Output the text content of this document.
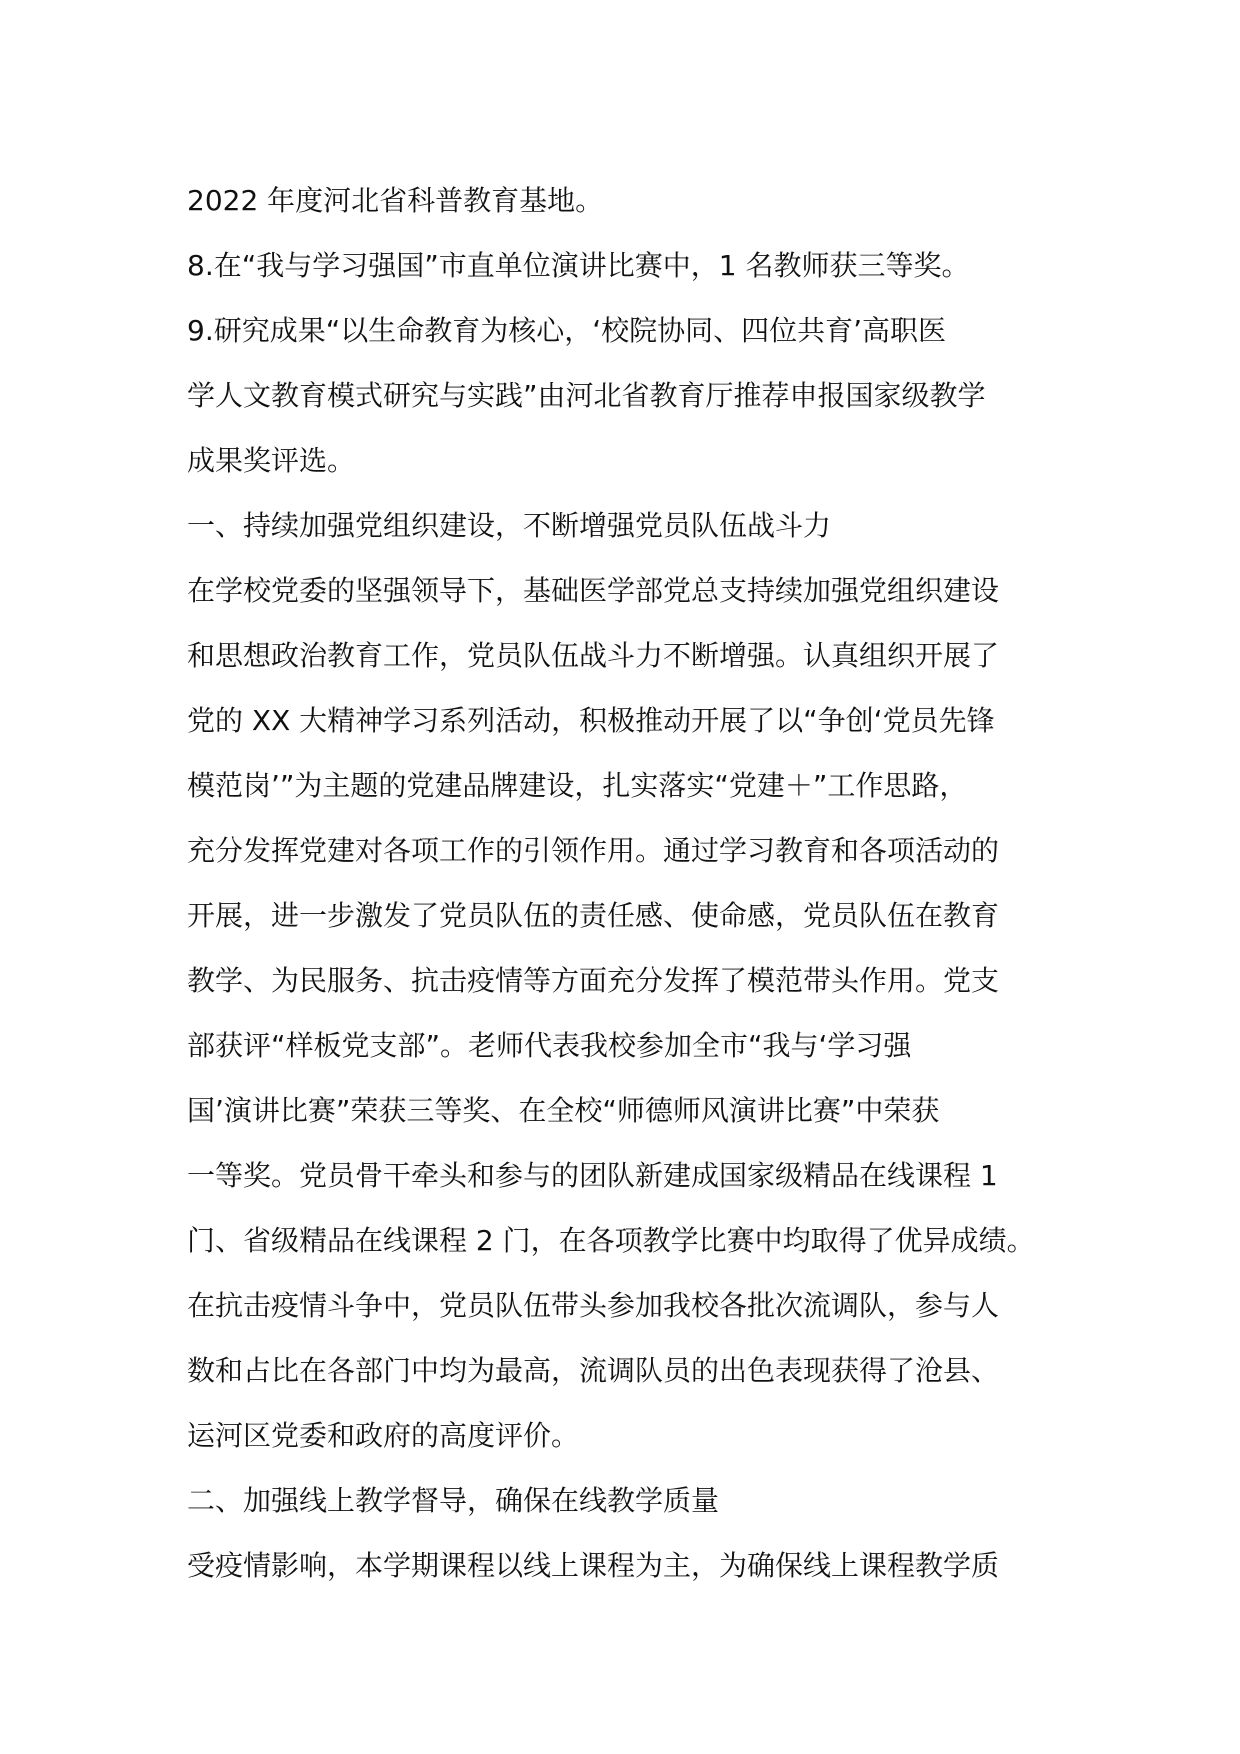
2022 年度河北省科普教育基地。
8.在“我与学习强国”市直单位演讲比赛中，1 名教师获三等奖。
9.研究成果“以生命教育为核心，‘校院协同、四位共育’高职医
学人文教育模式研究与实践”由河北省教育厅推荐申报国家级教学
成果奖评选。
一、持续加强党组织建设，不断增强党员队伍战斗力
在学校党委的坚强领导下，基础医学部党总支持续加强党组织建设
和思想政治教育工作，党员队伍战斗力不断增强。认真组织开展了
党的 XX 大精神学习系列活动，积极推动开展了以“争创‘党员先锋
模范岗’”为主题的党建品牌建设，扎实落实“党建＋”工作思路，
充分发挥党建对各项工作的引领作用。通过学习教育和各项活动的
开展，进一步激发了党员队伍的责任感、使命感，党员队伍在教育
教学、为民服务、抗击疫情等方面充分发挥了模范带头作用。党支
部获评“样板党支部”。老师代表我校参加全市“我与‘学习强
国’演讲比赛”荣获三等奖、在全校“师德师风演讲比赛”中荣获
一等奖。党员骨干牵头和参与的团队新建成国家级精品在线课程 1
门、省级精品在线课程 2 门，在各项教学比赛中均取得了优异成绩。
在抗击疫情斗争中，党员队伍带头参加我校各批次流调队，参与人
数和占比在各部门中均为最高，流调队员的出色表现获得了沧县、
运河区党委和政府的高度评价。
二、加强线上教学督导，确保在线教学质量
受疫情影响，本学期课程以线上课程为主，为确保线上课程教学质
